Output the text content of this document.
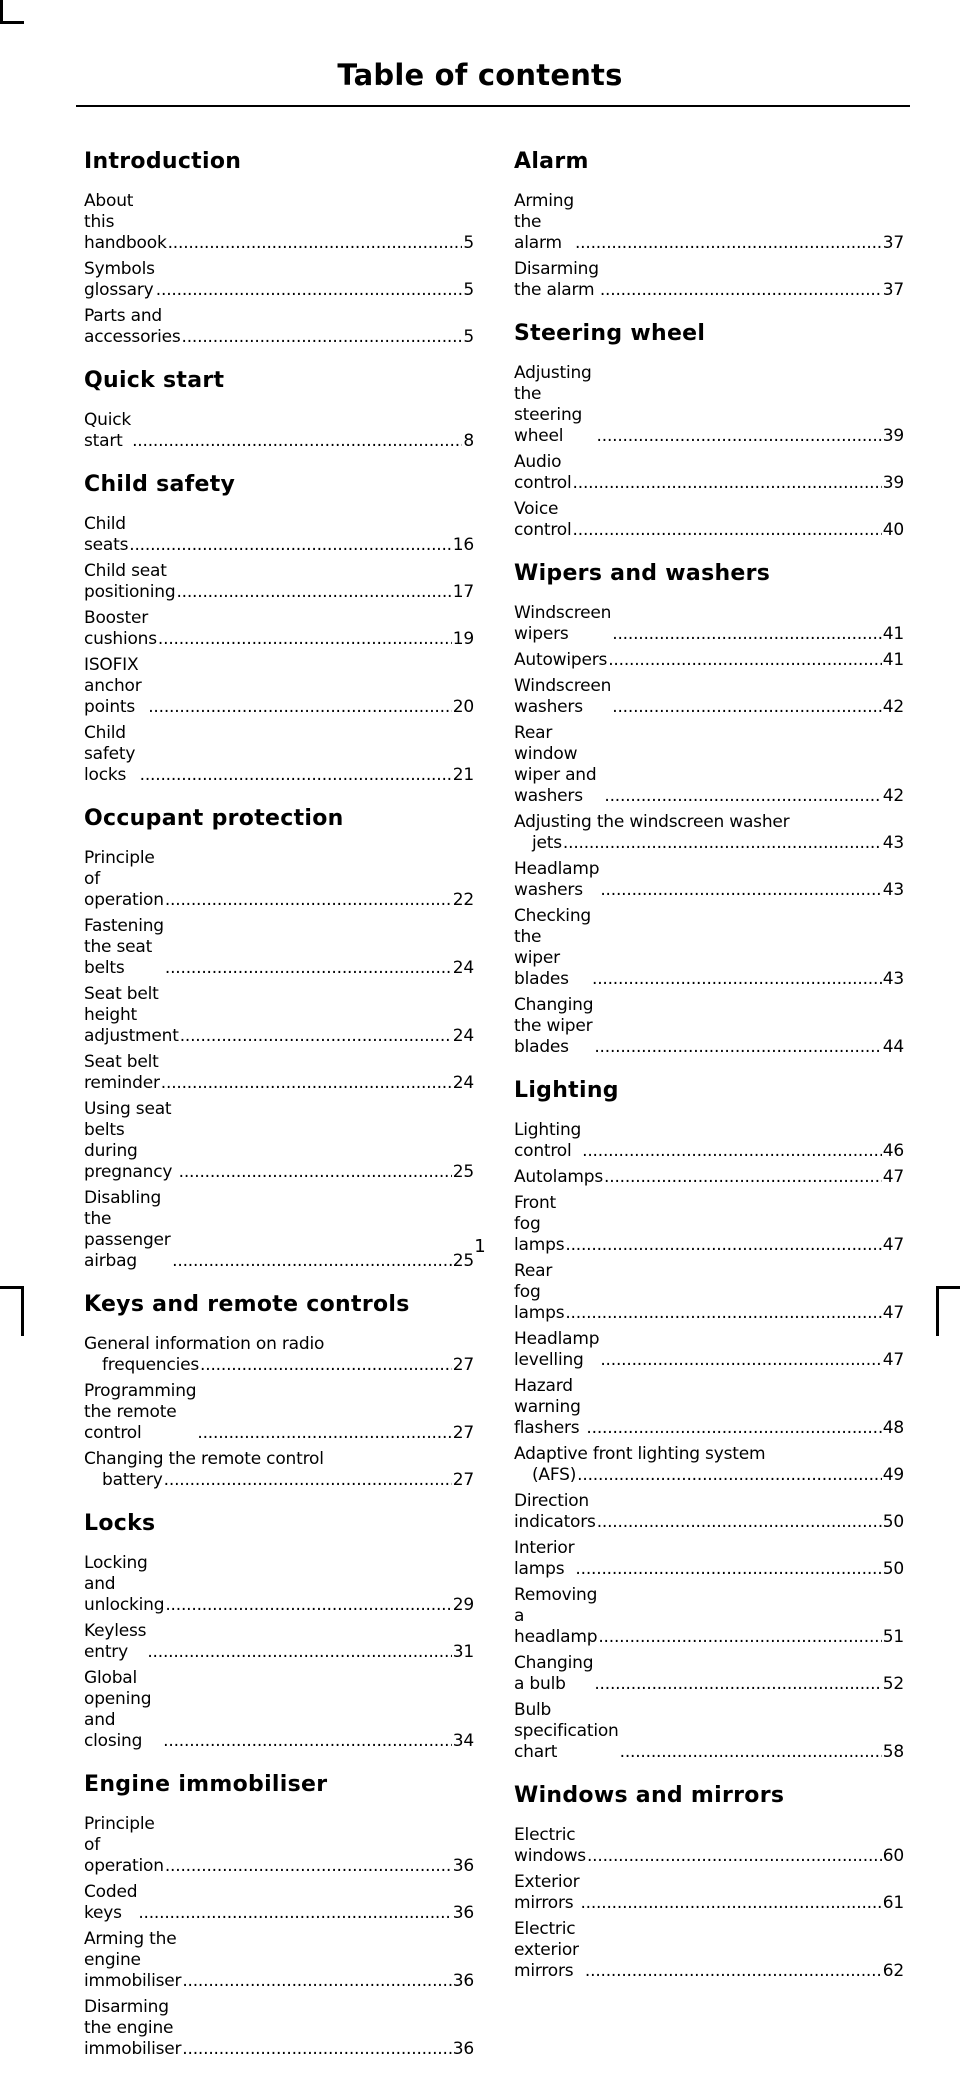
Table of contents
Introduction
About this handbook .....	5
Symbols  glossary .....	5
Parts and accessories .....	5
Quick start
Quick  start .....	8
Child safety
Child  seats .....	16
Child seat positioning .....	17
Booster cushions .....	19
ISOFIX anchor points .....	20
Child safety locks .....	21
Occupant protection
Principle of operation .....	22
Fastening the seat belts .....	24
Seat belt height adjustment .....	24
Seat belt reminder .....	24
Using seat belts during pregnancy .....	25
Disabling the passenger airbag .....	25
Keys and remote controls
General information on radio
frequencies .....	27
Programming the remote control .....	27
Changing the remote control
battery .....	27
Locks
Locking and unlocking .....	29
Keyless  entry .....	31
Global opening and closing .....	34
Engine immobiliser
Principle of operation .....	36
Coded  keys .....	36
Arming the engine immobiliser .....	36
Disarming the engine immobiliser .....	36
Alarm
Arming the alarm .....	37
Disarming the alarm .....	37
Steering wheel
Adjusting the steering wheel .....	39
Audio  control .....	39
Voice control .....	40
Wipers and washers
Windscreen wipers .....	41
Autowipers .....	41
Windscreen  washers .....	42
Rear window wiper and washers .....	42
Adjusting the windscreen washer
jets .....	43
Headlamp  washers .....	43
Checking the wiper blades .....	43
Changing the wiper blades .....	44
Lighting
Lighting control .....	46
Autolamps .....	47
Front fog lamps .....	47
Rear fog lamps .....	47
Headlamp  levelling .....	47
Hazard warning flashers .....	48
Adaptive front lighting system
(AFS) .....	49
Direction  indicators .....	50
Interior  lamps .....	50
Removing a headlamp .....	51
Changing a bulb .....	52
Bulb specification chart .....	58
Windows and mirrors
Electric  windows .....	60
Exterior mirrors .....	61
Electric exterior mirrors .....	62
1
